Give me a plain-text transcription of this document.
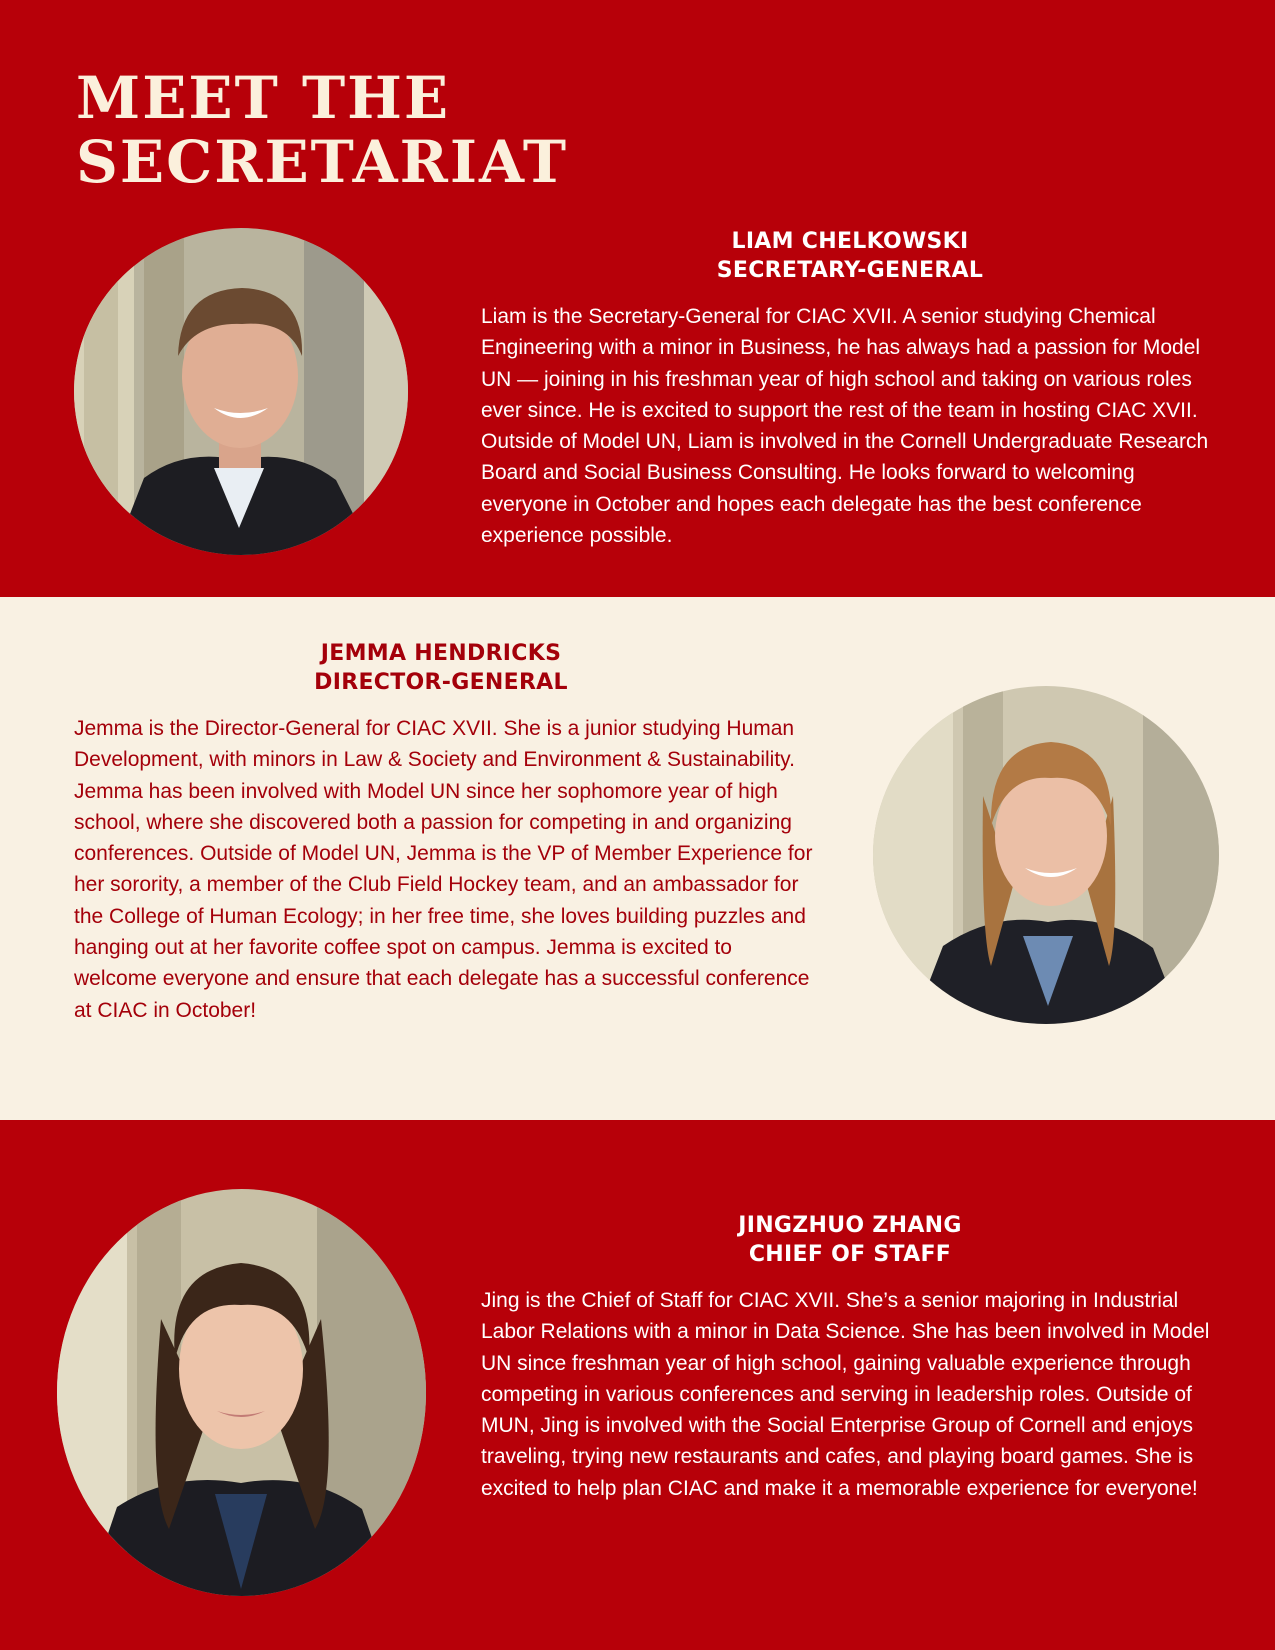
MEET THE
SECRETARIAT
LIAM CHELKOWSKI
SECRETARY-GENERAL

Liam is the Secretary-General for CIAC XVII. A senior studying Chemical Engineering with a minor in Business, he has always had a passion for Model UN — joining in his freshman year of high school and taking on various roles ever since. He is excited to support the rest of the team in hosting CIAC XVII. Outside of Model UN, Liam is involved in the Cornell Undergraduate Research Board and Social Business Consulting. He looks forward to welcoming everyone in October and hopes each delegate has the best conference experience possible.

JEMMA HENDRICKS
DIRECTOR-GENERAL

Jemma is the Director-General for CIAC XVII. She is a junior studying Human Development, with minors in Law & Society and Environment & Sustainability. Jemma has been involved with Model UN since her sophomore year of high school, where she discovered both a passion for competing in and organizing conferences. Outside of Model UN, Jemma is the VP of Member Experience for her sorority, a member of the Club Field Hockey team, and an ambassador for the College of Human Ecology; in her free time, she loves building puzzles and hanging out at her favorite coffee spot on campus. Jemma is excited to welcome everyone and ensure that each delegate has a successful conference at CIAC in October!

JINGZHUO ZHANG
CHIEF OF STAFF

Jing is the Chief of Staff for CIAC XVII. She’s a senior majoring in Industrial Labor Relations with a minor in Data Science. She has been involved in Model UN since freshman year of high school, gaining valuable experience through competing in various conferences and serving in leadership roles. Outside of MUN, Jing is involved with the Social Enterprise Group of Cornell and enjoys traveling, trying new restaurants and cafes, and playing board games. She is excited to help plan CIAC and make it a memorable experience for everyone!
